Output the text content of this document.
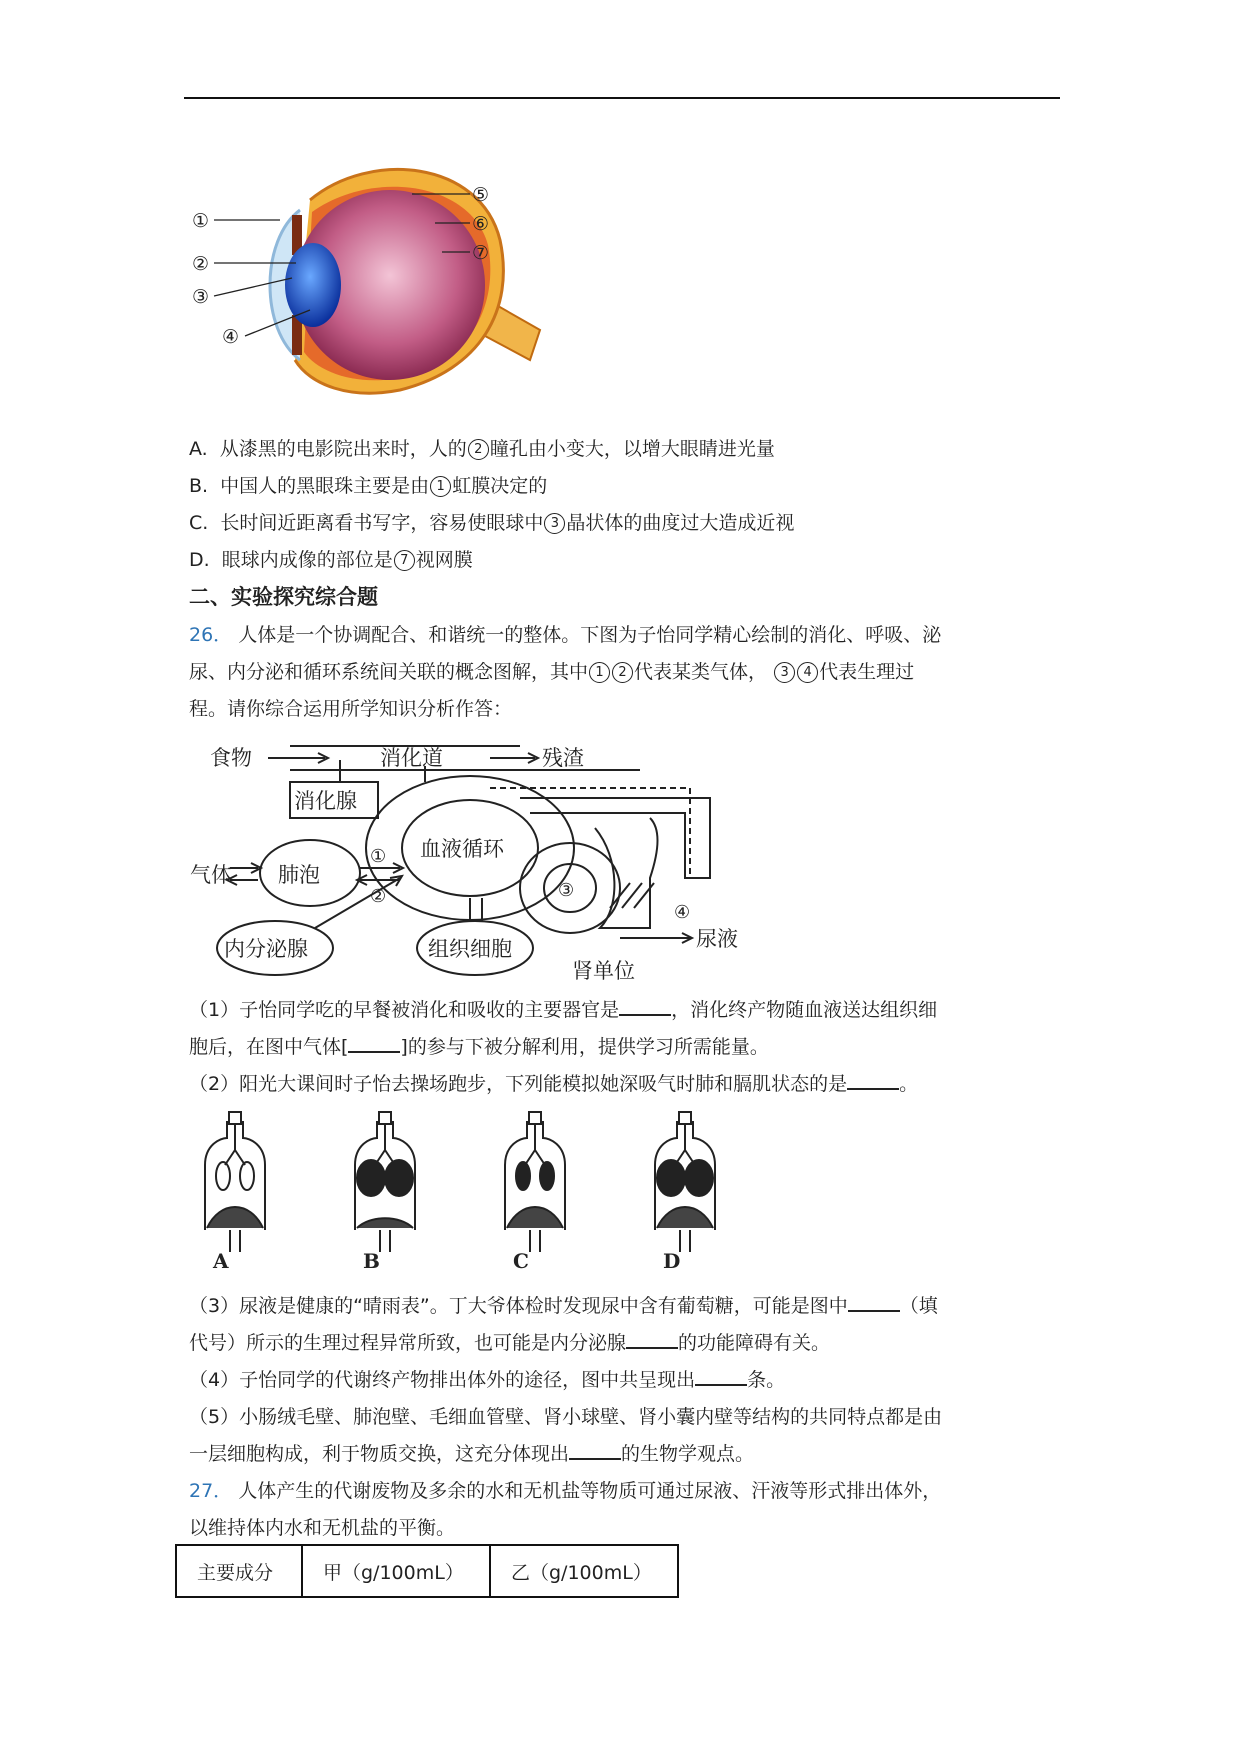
①
②
③
④
⑤
⑥
⑦
A. 从漆黑的电影院出来时，人的 2 瞳孔由小变大，以增大眼睛进光量
B. 中国人的黑眼珠主要是由 1 虹膜决定的
C. 长时间近距离看书写字，容易使眼球中 3 晶状体的曲度过大造成近视
D. 眼球内成像的部位是 7 视网膜
二、实验探究综合题
26． 人体是一个协调配合、和谐统一的整体。下图为子怡同学精心绘制的消化、呼吸、泌
尿、内分泌和循环系统间关联的概念图解，其中 1 2 代表某类气体， 3 4 代表生理过
程。请你综合运用所学知识分析作答：
食物	消化道	残渣
消化腺
气体 肺泡
血液循环
内分泌腺	组织细胞
肾单位
尿液
①
②	③
④
（1）子怡同学吃的早餐被消化和吸收的主要器官是	，消化终产物随血液送达组织细
胞后，在图中气体[	]的参与下被分解利用，提供学习所需能量。
（2）阳光大课间时子怡去操场跑步，下列能模拟她深吸气时肺和膈肌状态的是	。
A	B	C	D
（3）尿液是健康的“晴雨表”。丁大爷体检时发现尿中含有葡萄糖，可能是图中	（填
代号）所示的生理过程异常所致，也可能是内分泌腺	的功能障碍有关。
（4）子怡同学的代谢终产物排出体外的途径，图中共呈现出	条。
（5）小肠绒毛壁、肺泡壁、毛细血管壁、肾小球壁、肾小囊内壁等结构的共同特点都是由
一层细胞构成，利于物质交换，这充分体现出	的生物学观点。
27． 人体产生的代谢废物及多余的水和无机盐等物质可通过尿液、汗液等形式排出体外，
以维持体内水和无机盐的平衡。
主要成分	甲（g/100mL）	乙（g/100mL）
